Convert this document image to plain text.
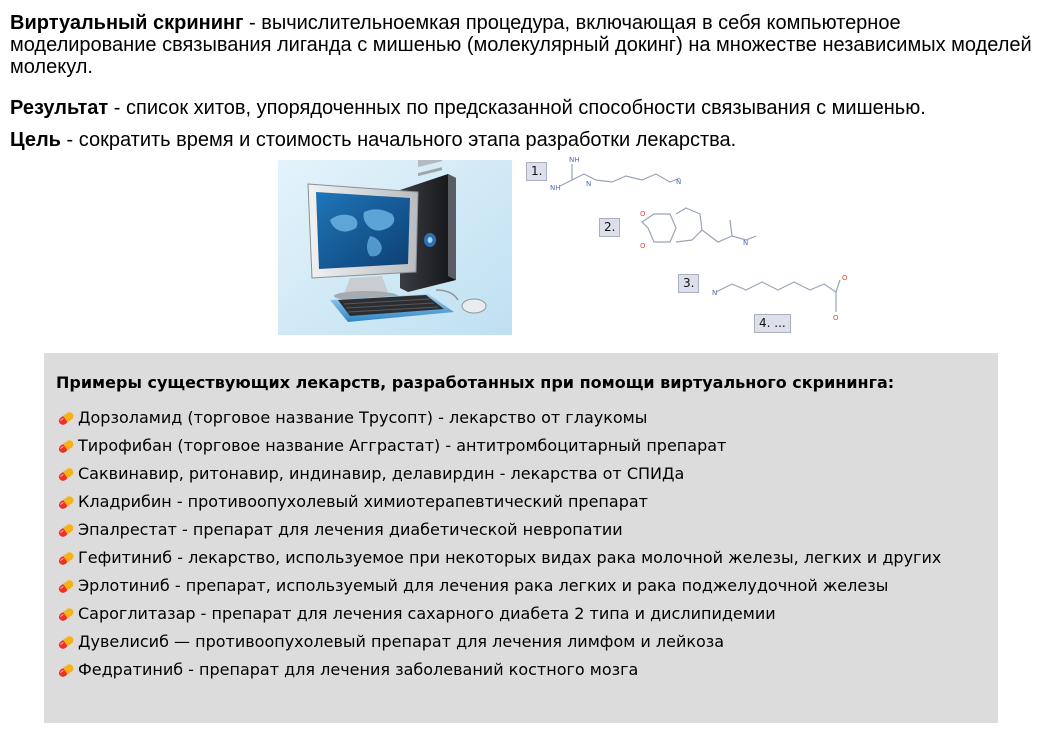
Виртуальный скрининг - вычислительноемкая процедура, включающая в себя компьютерное моделирование связывания лиганда с мишенью (молекулярный докинг) на множестве независимых моделей молекул.

Результат - список хитов, упорядоченных по предсказанной способности связывания с мишенью.

Цель - сократить время и стоимость начального этапа разработки лекарства.

NH
NH	N	N
O
O	N
N
O
O
1.
2.
3.
4. ...

Примеры существующих лекарств, разработанных при помощи виртуального скрининга:

Дорзоламид (торговое название Трусопт) - лекарство от глаукомы
Тирофибан (торговое название Аггрaстат) - антитромбоцитарный препарат
Саквинавир, ритонавир, индинавир, делавирдин - лекарства от СПИДа
Кладрибин - противоопухолевый химиотерапевтический препарат
Эпалрестат - препарат для лечения диабетической невропатии
Гефитиниб - лекарство, используемое при некоторых видах рака молочной железы, легких и других
Эрлотиниб - препарат, используемый для лечения рака легких и рака поджелудочной железы
Сароглитазар - препарат для лечения сахарного диабета 2 типа и дислипидемии
Дувелисиб — противоопухолевый препарат для лечения лимфом и лейкоза
Федратиниб - препарат для лечения заболеваний костного мозга
